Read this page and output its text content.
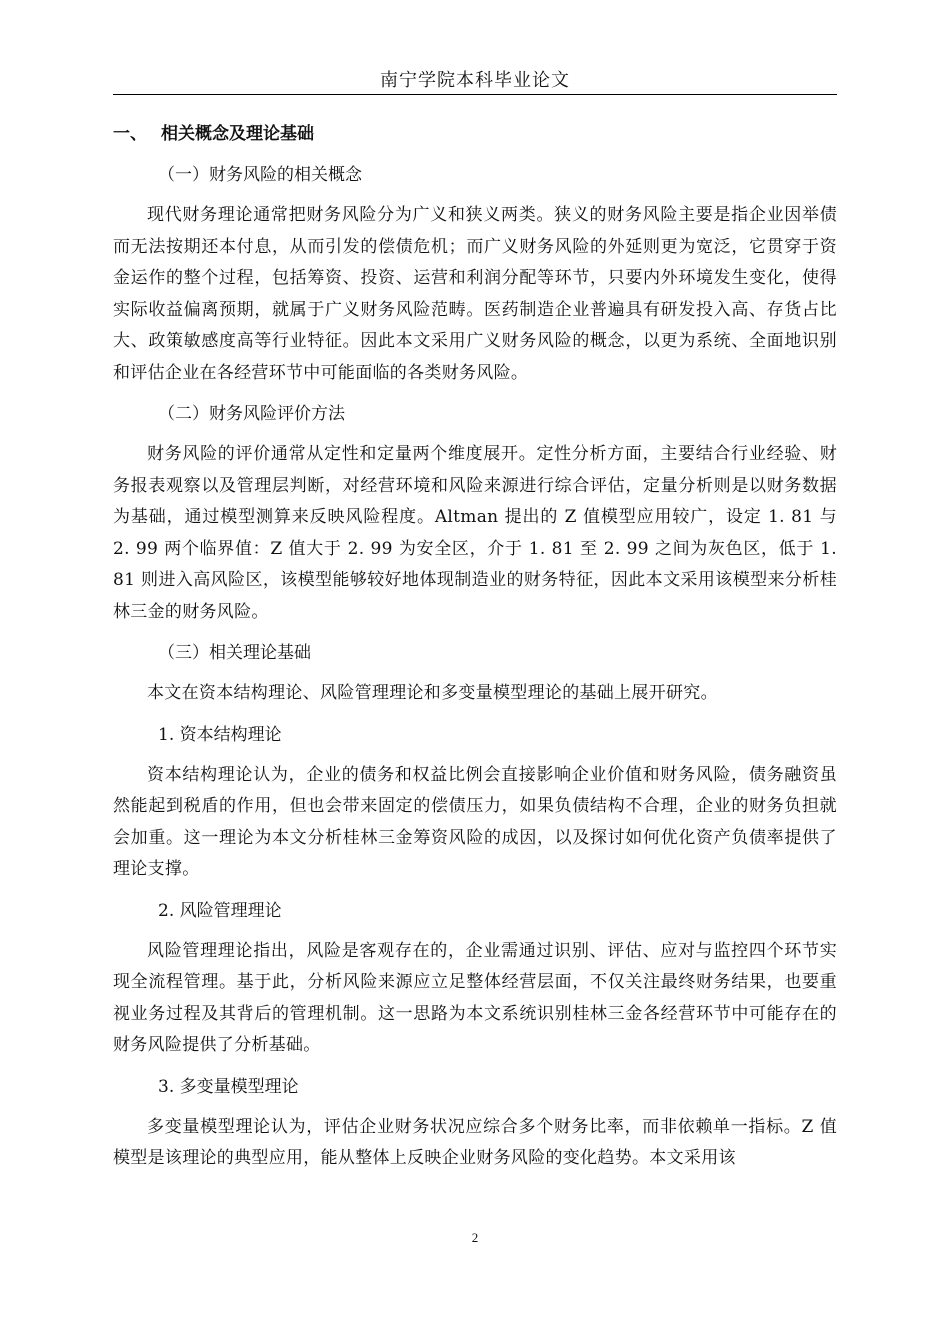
南宁学院本科毕业论文
一、 相关概念及理论基础
（一）财务风险的相关概念

现代财务理论通常把财务风险分为广义和狭义两类。狭义的财务风险主要是指企业因举债而无法按期还本付息，从而引发的偿债危机；而广义财务风险的外延则更为宽泛，它贯穿于资金运作的整个过程，包括筹资、投资、运营和利润分配等环节，只要内外环境发生变化，使得实际收益偏离预期，就属于广义财务风险范畴。医药制造企业普遍具有研发投入高、存货占比大、政策敏感度高等行业特征。因此本文采用广义财务风险的概念，以更为系统、全面地识别和评估企业在各经营环节中可能面临的各类财务风险。

（二）财务风险评价方法

财务风险的评价通常从定性和定量两个维度展开。定性分析方面，主要结合行业经验、财务报表观察以及管理层判断，对经营环境和风险来源进行综合评估，定量分析则是以财务数据为基础，通过模型测算来反映风险程度。Altman 提出的 Z 值模型应用较广，设定 1. 81 与 2. 99 两个临界值：Z 值大于 2. 99 为安全区，介于 1. 81 至 2. 99 之间为灰色区，低于 1. 81 则进入高风险区，该模型能够较好地体现制造业的财务特征，因此本文采用该模型来分析桂林三金的财务风险。

（三）相关理论基础

本文在资本结构理论、风险管理理论和多变量模型理论的基础上展开研究。

1. 资本结构理论

资本结构理论认为，企业的债务和权益比例会直接影响企业价值和财务风险，债务融资虽然能起到税盾的作用，但也会带来固定的偿债压力，如果负债结构不合理，企业的财务负担就会加重。这一理论为本文分析桂林三金筹资风险的成因，以及探讨如何优化资产负债率提供了理论支撑。

2. 风险管理理论

风险管理理论指出，风险是客观存在的，企业需通过识别、评估、应对与监控四个环节实现全流程管理。基于此，分析风险来源应立足整体经营层面，不仅关注最终财务结果，也要重视业务过程及其背后的管理机制。这一思路为本文系统识别桂林三金各经营环节中可能存在的财务风险提供了分析基础。

3. 多变量模型理论

多变量模型理论认为，评估企业财务状况应综合多个财务比率，而非依赖单一指标。Z 值模型是该理论的典型应用，能从整体上反映企业财务风险的变化趋势。本文采用该

2
